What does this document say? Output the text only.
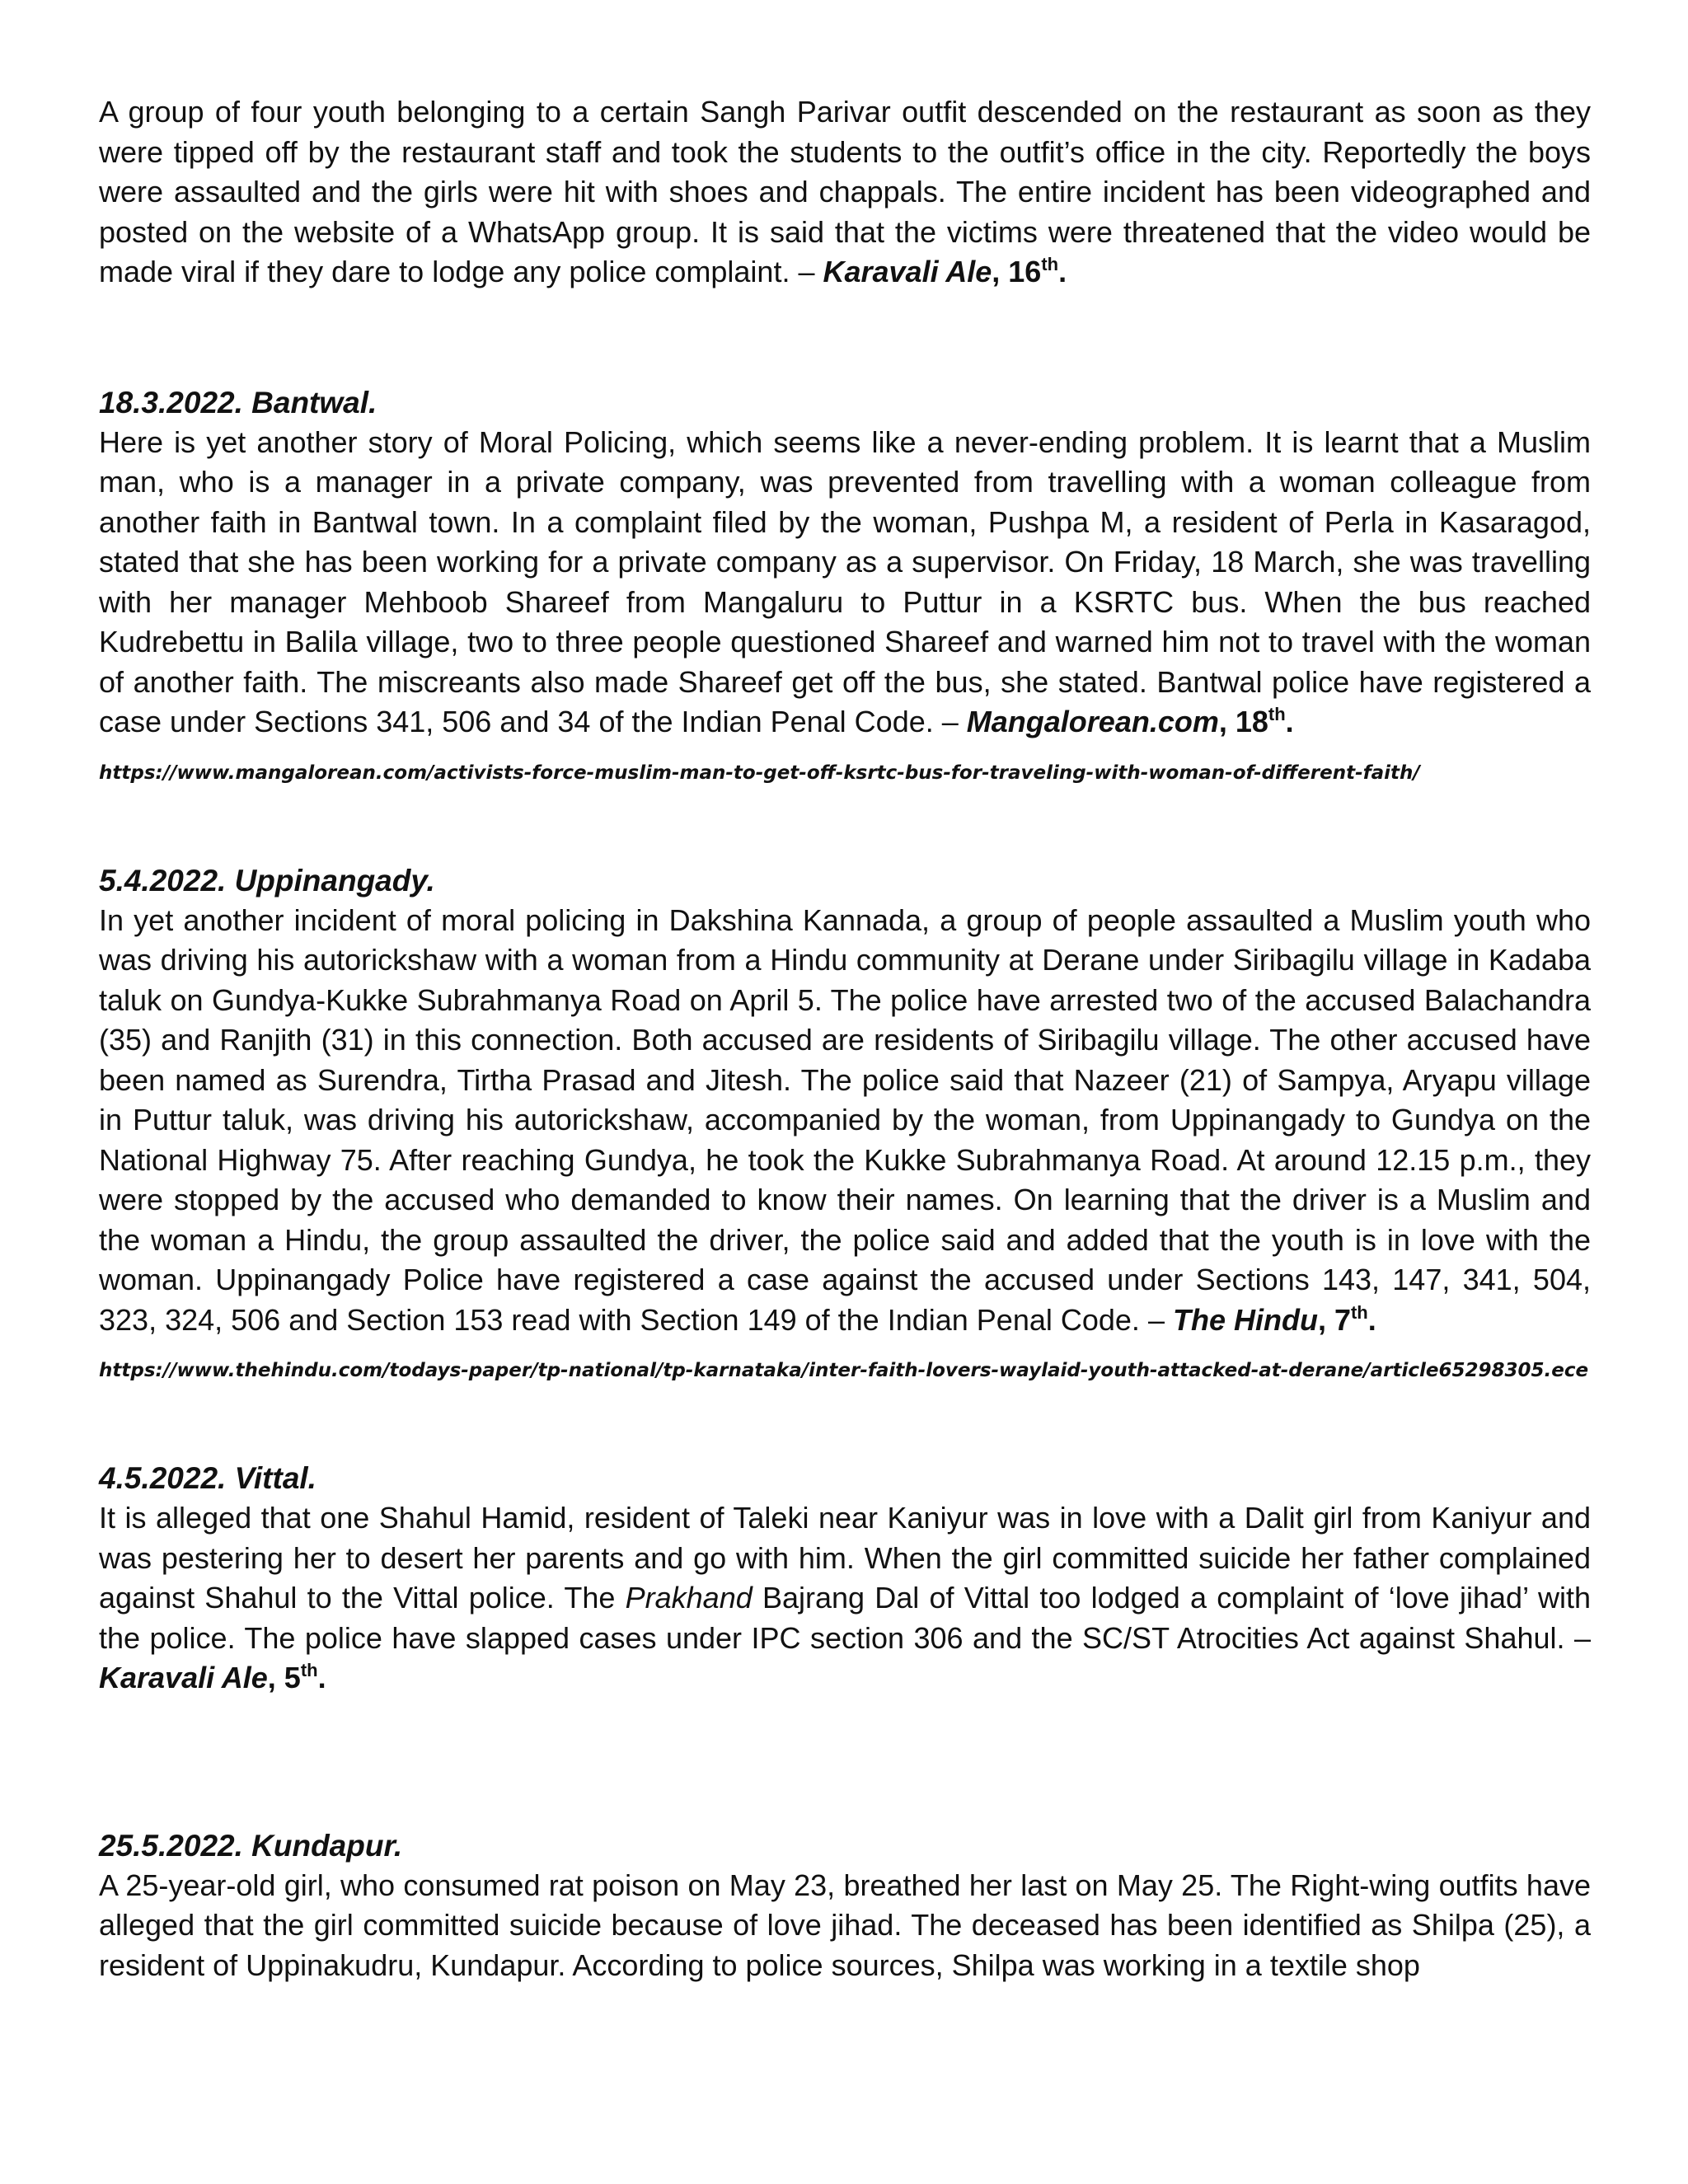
A group of four youth belonging to a certain Sangh Parivar outfit descended on the restaurant as soon as they were tipped off by the restaurant staff and took the students to the outfit’s office in the city. Reportedly the boys were assaulted and the girls were hit with shoes and chappals. The entire incident has been videographed and posted on the website of a WhatsApp group. It is said that the victims were threatened that the video would be made viral if they dare to lodge any police complaint. – Karavali Ale, 16th.

18.3.2022. Bantwal.

Here is yet another story of Moral Policing, which seems like a never-ending problem. It is learnt that a Muslim man, who is a manager in a private company, was prevented from travelling with a woman colleague from another faith in Bantwal town. In a complaint filed by the woman, Pushpa M, a resident of Perla in Kasaragod, stated that she has been working for a private company as a supervisor. On Friday, 18 March, she was travelling with her manager Mehboob Shareef from Mangaluru to Puttur in a KSRTC bus. When the bus reached Kudrebettu in Balila village, two to three people questioned Shareef and warned him not to travel with the woman of another faith. The miscreants also made Shareef get off the bus, she stated. Bantwal police have registered a case under Sections 341, 506 and 34 of the Indian Penal Code. – Mangalorean.com, 18th.

https://www.mangalorean.com/activists-force-muslim-man-to-get-off-ksrtc-bus-for-traveling-with-woman-of-different-faith/

5.4.2022. Uppinangady.

In yet another incident of moral policing in Dakshina Kannada, a group of people assaulted a Muslim youth who was driving his autorickshaw with a woman from a Hindu community at Derane under Siribagilu village in Kadaba taluk on Gundya-Kukke Subrahmanya Road on April 5. The police have arrested two of the accused Balachandra (35) and Ranjith (31) in this connection. Both accused are residents of Siribagilu village. The other accused have been named as Surendra, Tirtha Prasad and Jitesh. The police said that Nazeer (21) of Sampya, Aryapu village in Puttur taluk, was driving his autorickshaw, accompanied by the woman, from Uppinangady to Gundya on the National Highway 75. After reaching Gundya, he took the Kukke Subrahmanya Road. At around 12.15 p.m., they were stopped by the accused who demanded to know their names. On learning that the driver is a Muslim and the woman a Hindu, the group assaulted the driver, the police said and added that the youth is in love with the woman. Uppinangady Police have registered a case against the accused under Sections 143, 147, 341, 504, 323, 324, 506 and Section 153 read with Section 149 of the Indian Penal Code. – The Hindu, 7th.

https://www.thehindu.com/todays-paper/tp-national/tp-karnataka/inter-faith-lovers-waylaid-youth-attacked-at-derane/article65298305.ece

4.5.2022. Vittal.

It is alleged that one Shahul Hamid, resident of Taleki near Kaniyur was in love with a Dalit girl from Kaniyur and was pestering her to desert her parents and go with him. When the girl committed suicide her father complained against Shahul to the Vittal police. The Prakhand Bajrang Dal of Vittal too lodged a complaint of ‘love jihad’ with the police. The police have slapped cases under IPC section 306 and the SC/ST Atrocities Act against Shahul. – Karavali Ale, 5th.

25.5.2022. Kundapur.

A 25-year-old girl, who consumed rat poison on May 23, breathed her last on May 25. The Right-wing outfits have alleged that the girl committed suicide because of love jihad. The deceased has been identified as Shilpa (25), a resident of Uppinakudru, Kundapur. According to police sources, Shilpa was working in a textile shop
